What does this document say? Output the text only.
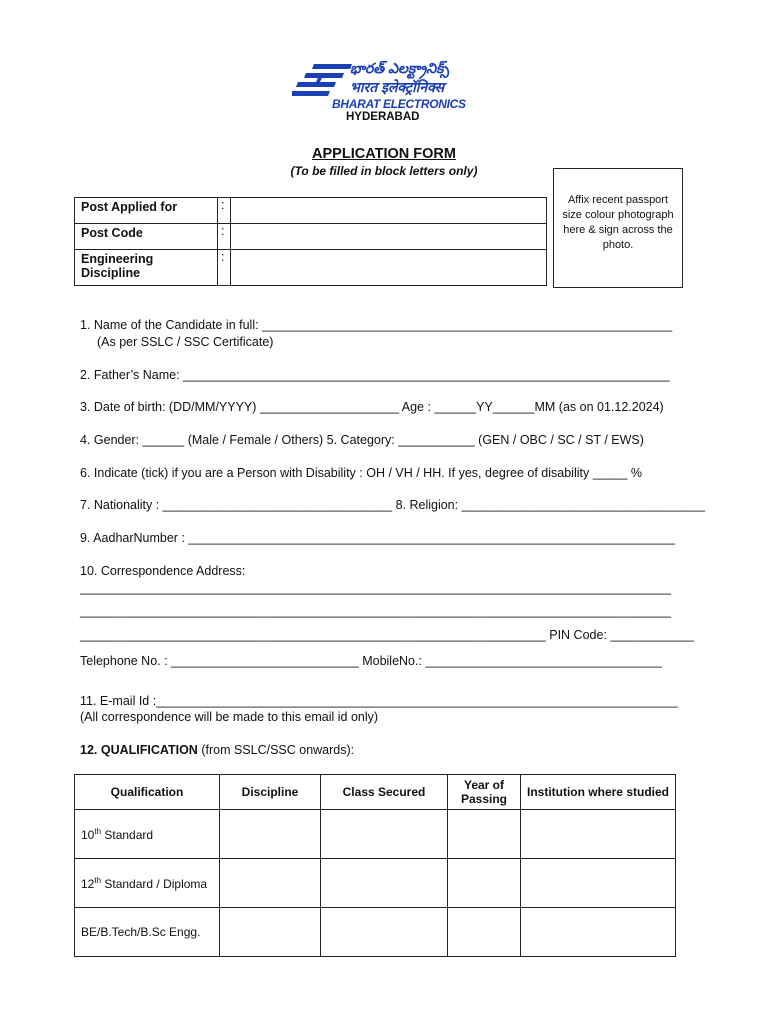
భారత్ ఎలక్ట్రానిక్స్
भारत इलेक्ट्रॉनिक्स
BHARAT ELECTRONICS
HYDERABAD
APPLICATION FORM
(To be filled in block letters only)
Affix recent passport size colour photograph here & sign across the photo.
Post Applied for	:	
Post Code	:	
Engineering Discipline	:	
1. Name of the Candidate in full: ___________________________________________________________
(As per SSLC / SSC Certificate)
2. Father’s Name: ______________________________________________________________________
3. Date of birth: (DD/MM/YYYY) ____________________ Age : ______YY______MM (as on 01.12.2024)
4. Gender: ______ (Male / Female / Others) 5. Category: ___________ (GEN / OBC / SC / ST / EWS)
6. Indicate (tick) if you are a Person with Disability : OH / VH / HH. If yes, degree of disability _____ %
7. Nationality : _________________________________ 8. Religion: ___________________________________
9. AadharNumber : ______________________________________________________________________
10. Correspondence Address:
_____________________________________________________________________________________
_____________________________________________________________________________________
___________________________________________________________________ PIN Code: ____________
Telephone No. : ___________________________ MobileNo.: __________________________________
11. E-mail Id :___________________________________________________________________________
(All correspondence will be made to this email id only)
12. QUALIFICATION (from SSLC/SSC onwards):
Qualification	Discipline	Class Secured	Year of Passing	Institution where studied
10th Standard				
12th Standard / Diploma				
BE/B.Tech/B.Sc Engg.				
